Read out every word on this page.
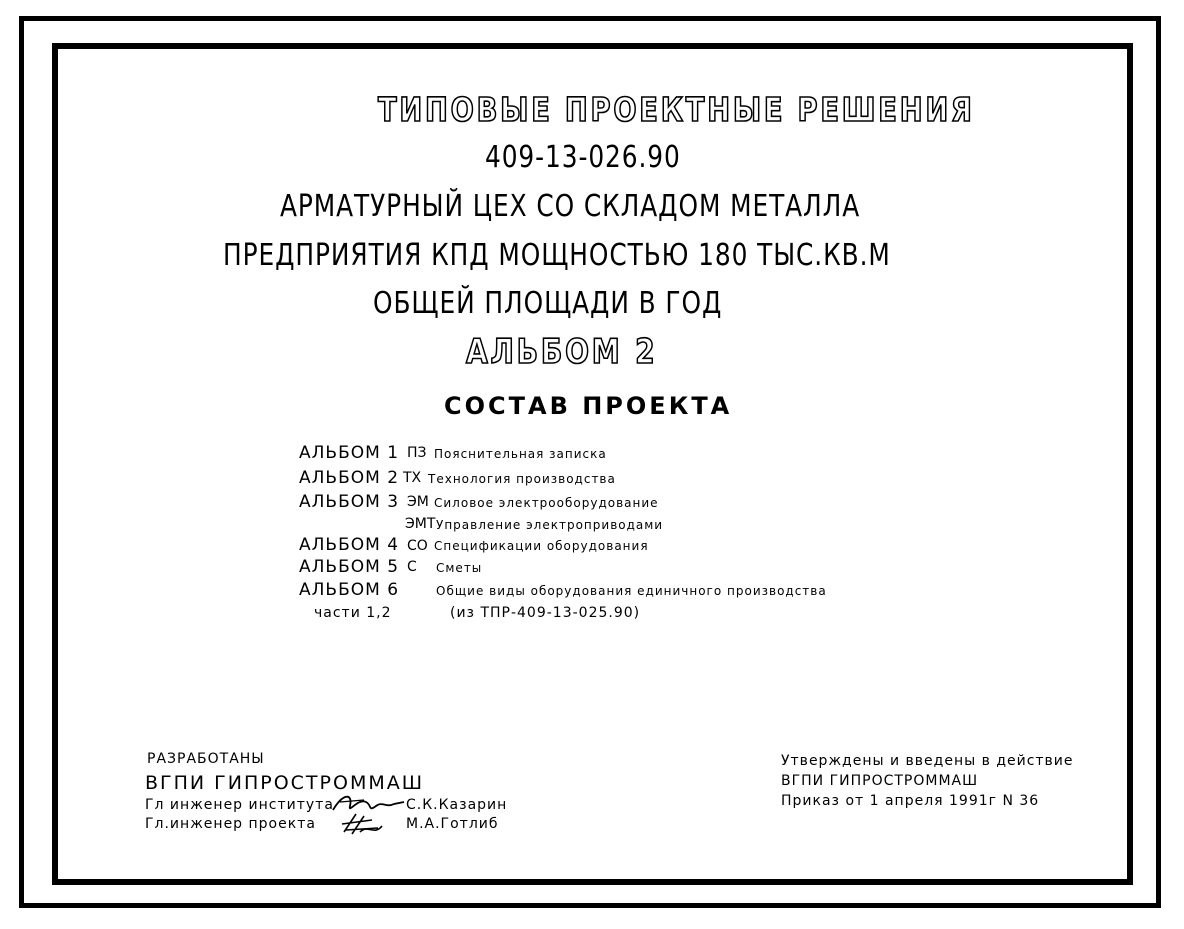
ТИПОВЫЕ ПРОЕКТНЫЕ РЕШЕНИЯ
409-13-026.90
АРМАТУРНЫЙ ЦЕХ СО СКЛАДОМ МЕТАЛЛА
ПРЕДПРИЯТИЯ КПД МОЩНОСТЬЮ 180 ТЫС.КВ.М
ОБЩЕЙ ПЛОЩАДИ В ГОД
АЛЬБОМ 2
СОСТАВ ПРОЕКТА
АЛЬБОМ 1 ПЗ Пояснительная записка
АЛЬБОМ 2 ТХ Технология производства
АЛЬБОМ 3 ЭМ Силовое электрооборудование
ЭМТ Управление электроприводами
АЛЬБОМ 4 СО Спецификации оборудования
АЛЬБОМ 5 С Сметы
АЛЬБОМ 6	Общие виды оборудования единичного производства
части 1,2	(из ТПР-409-13-025.90)
РАЗРАБОТАНЫ
ВГПИ ГИПРОСТРОММАШ
Гл инженер института	С.К.Казарин
Гл.инженер проекта	М.А.Готлиб
Утверждены и введены в действие
ВГПИ ГИПРОСТРОММАШ
Приказ от 1 апреля 1991г N 36
